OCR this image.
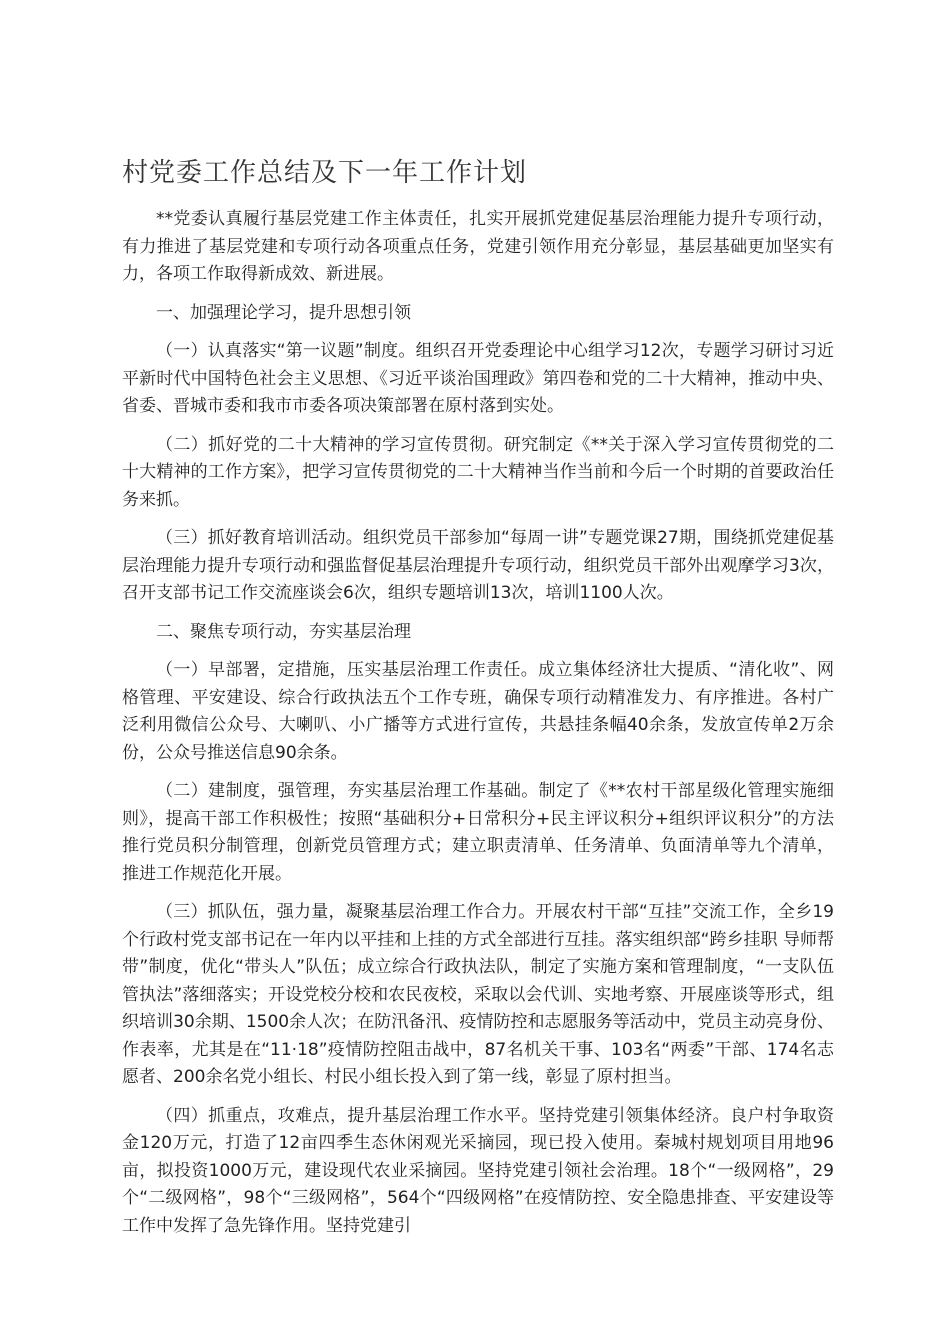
村党委工作总结及下一年工作计划

**党委认真履行基层党建工作主体责任，扎实开展抓党建促基层治理能力提升专项行动，有力推进了基层党建和专项行动各项重点任务，党建引领作用充分彰显，基层基础更加坚实有力，各项工作取得新成效、新进展。

一、加强理论学习，提升思想引领

（一）认真落实“第一议题”制度。组织召开党委理论中心组学习12次，专题学习研讨习近平新时代中国特色社会主义思想、《习近平谈治国理政》第四卷和党的二十大精神，推动中央、省委、晋城市委和我市市委各项决策部署在原村落到实处。

（二）抓好党的二十大精神的学习宣传贯彻。研究制定《**关于深入学习宣传贯彻党的二十大精神的工作方案》，把学习宣传贯彻党的二十大精神当作当前和今后一个时期的首要政治任务来抓。

（三）抓好教育培训活动。组织党员干部参加“每周一讲”专题党课27期，围绕抓党建促基层治理能力提升专项行动和强监督促基层治理提升专项行动，组织党员干部外出观摩学习3次，召开支部书记工作交流座谈会6次，组织专题培训13次，培训1100人次。

二、聚焦专项行动，夯实基层治理

（一）早部署，定措施，压实基层治理工作责任。成立集体经济壮大提质、“清化收”、网格管理、平安建设、综合行政执法五个工作专班，确保专项行动精准发力、有序推进。各村广泛利用微信公众号、大喇叭、小广播等方式进行宣传，共悬挂条幅40余条，发放宣传单2万余份，公众号推送信息90余条。

（二）建制度，强管理，夯实基层治理工作基础。制定了《**农村干部星级化管理实施细则》，提高干部工作积极性；按照“基础积分+日常积分+民主评议积分+组织评议积分”的方法推行党员积分制管理，创新党员管理方式；建立职责清单、任务清单、负面清单等九个清单，推进工作规范化开展。

（三）抓队伍，强力量，凝聚基层治理工作合力。开展农村干部“互挂”交流工作，全乡19个行政村党支部书记在一年内以平挂和上挂的方式全部进行互挂。落实组织部“跨乡挂职 导师帮带”制度，优化“带头人”队伍；成立综合行政执法队，制定了实施方案和管理制度，“一支队伍管执法”落细落实；开设党校分校和农民夜校，采取以会代训、实地考察、开展座谈等形式，组织培训30余期、1500余人次；在防汛备汛、疫情防控和志愿服务等活动中，党员主动亮身份、作表率，尤其是在“11·18”疫情防控阻击战中，87名机关干事、103名“两委”干部、174名志愿者、200余名党小组长、村民小组长投入到了第一线，彰显了原村担当。

（四）抓重点，攻难点，提升基层治理工作水平。坚持党建引领集体经济。良户村争取资金120万元，打造了12亩四季生态休闲观光采摘园，现已投入使用。秦城村规划项目用地96亩，拟投资1000万元，建设现代农业采摘园。坚持党建引领社会治理。18个“一级网格”，29个“二级网格”，98个“三级网格”，564个“四级网格”在疫情防控、安全隐患排查、平安建设等工作中发挥了急先锋作用。坚持党建引
